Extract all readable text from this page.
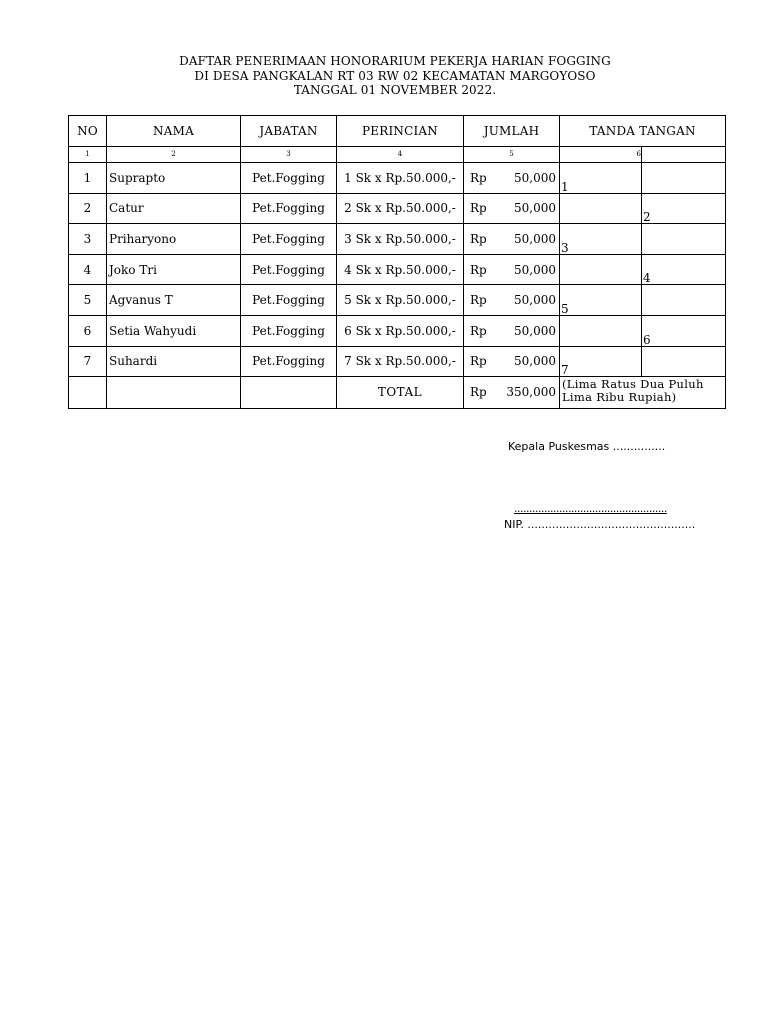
DAFTAR PENERIMAAN HONORARIUM PEKERJA HARIAN FOGGING
DI DESA PANGKALAN RT 03 RW 02 KECAMATAN MARGOYOSO
TANGGAL 01 NOVEMBER 2022.
NO	NAMA	JABATAN	PERINCIAN	JUMLAH	TANDA TANGAN	
1	2	3	4	5	6	
1	Suprapto	Pet.Fogging	1 Sk x Rp.50.000,-	Rp 50,000	1	
2	Catur	Pet.Fogging	2 Sk x Rp.50.000,-	Rp 50,000		2
3	Priharyono	Pet.Fogging	3 Sk x Rp.50.000,-	Rp 50,000	3	
4	Joko Tri	Pet.Fogging	4 Sk x Rp.50.000,-	Rp 50,000		4
5	Agvanus T	Pet.Fogging	5 Sk x Rp.50.000,-	Rp 50,000	5	
6	Setia Wahyudi	Pet.Fogging	6 Sk x Rp.50.000,-	Rp 50,000		6
7	Suhardi	Pet.Fogging	7 Sk x Rp.50.000,-	Rp 50,000	7	
			TOTAL	Rp 350,000	(Lima Ratus Dua Puluh Lima Ribu Rupiah)	
Kepala Puskesmas ...............
...................................................
NIP. ................................................
